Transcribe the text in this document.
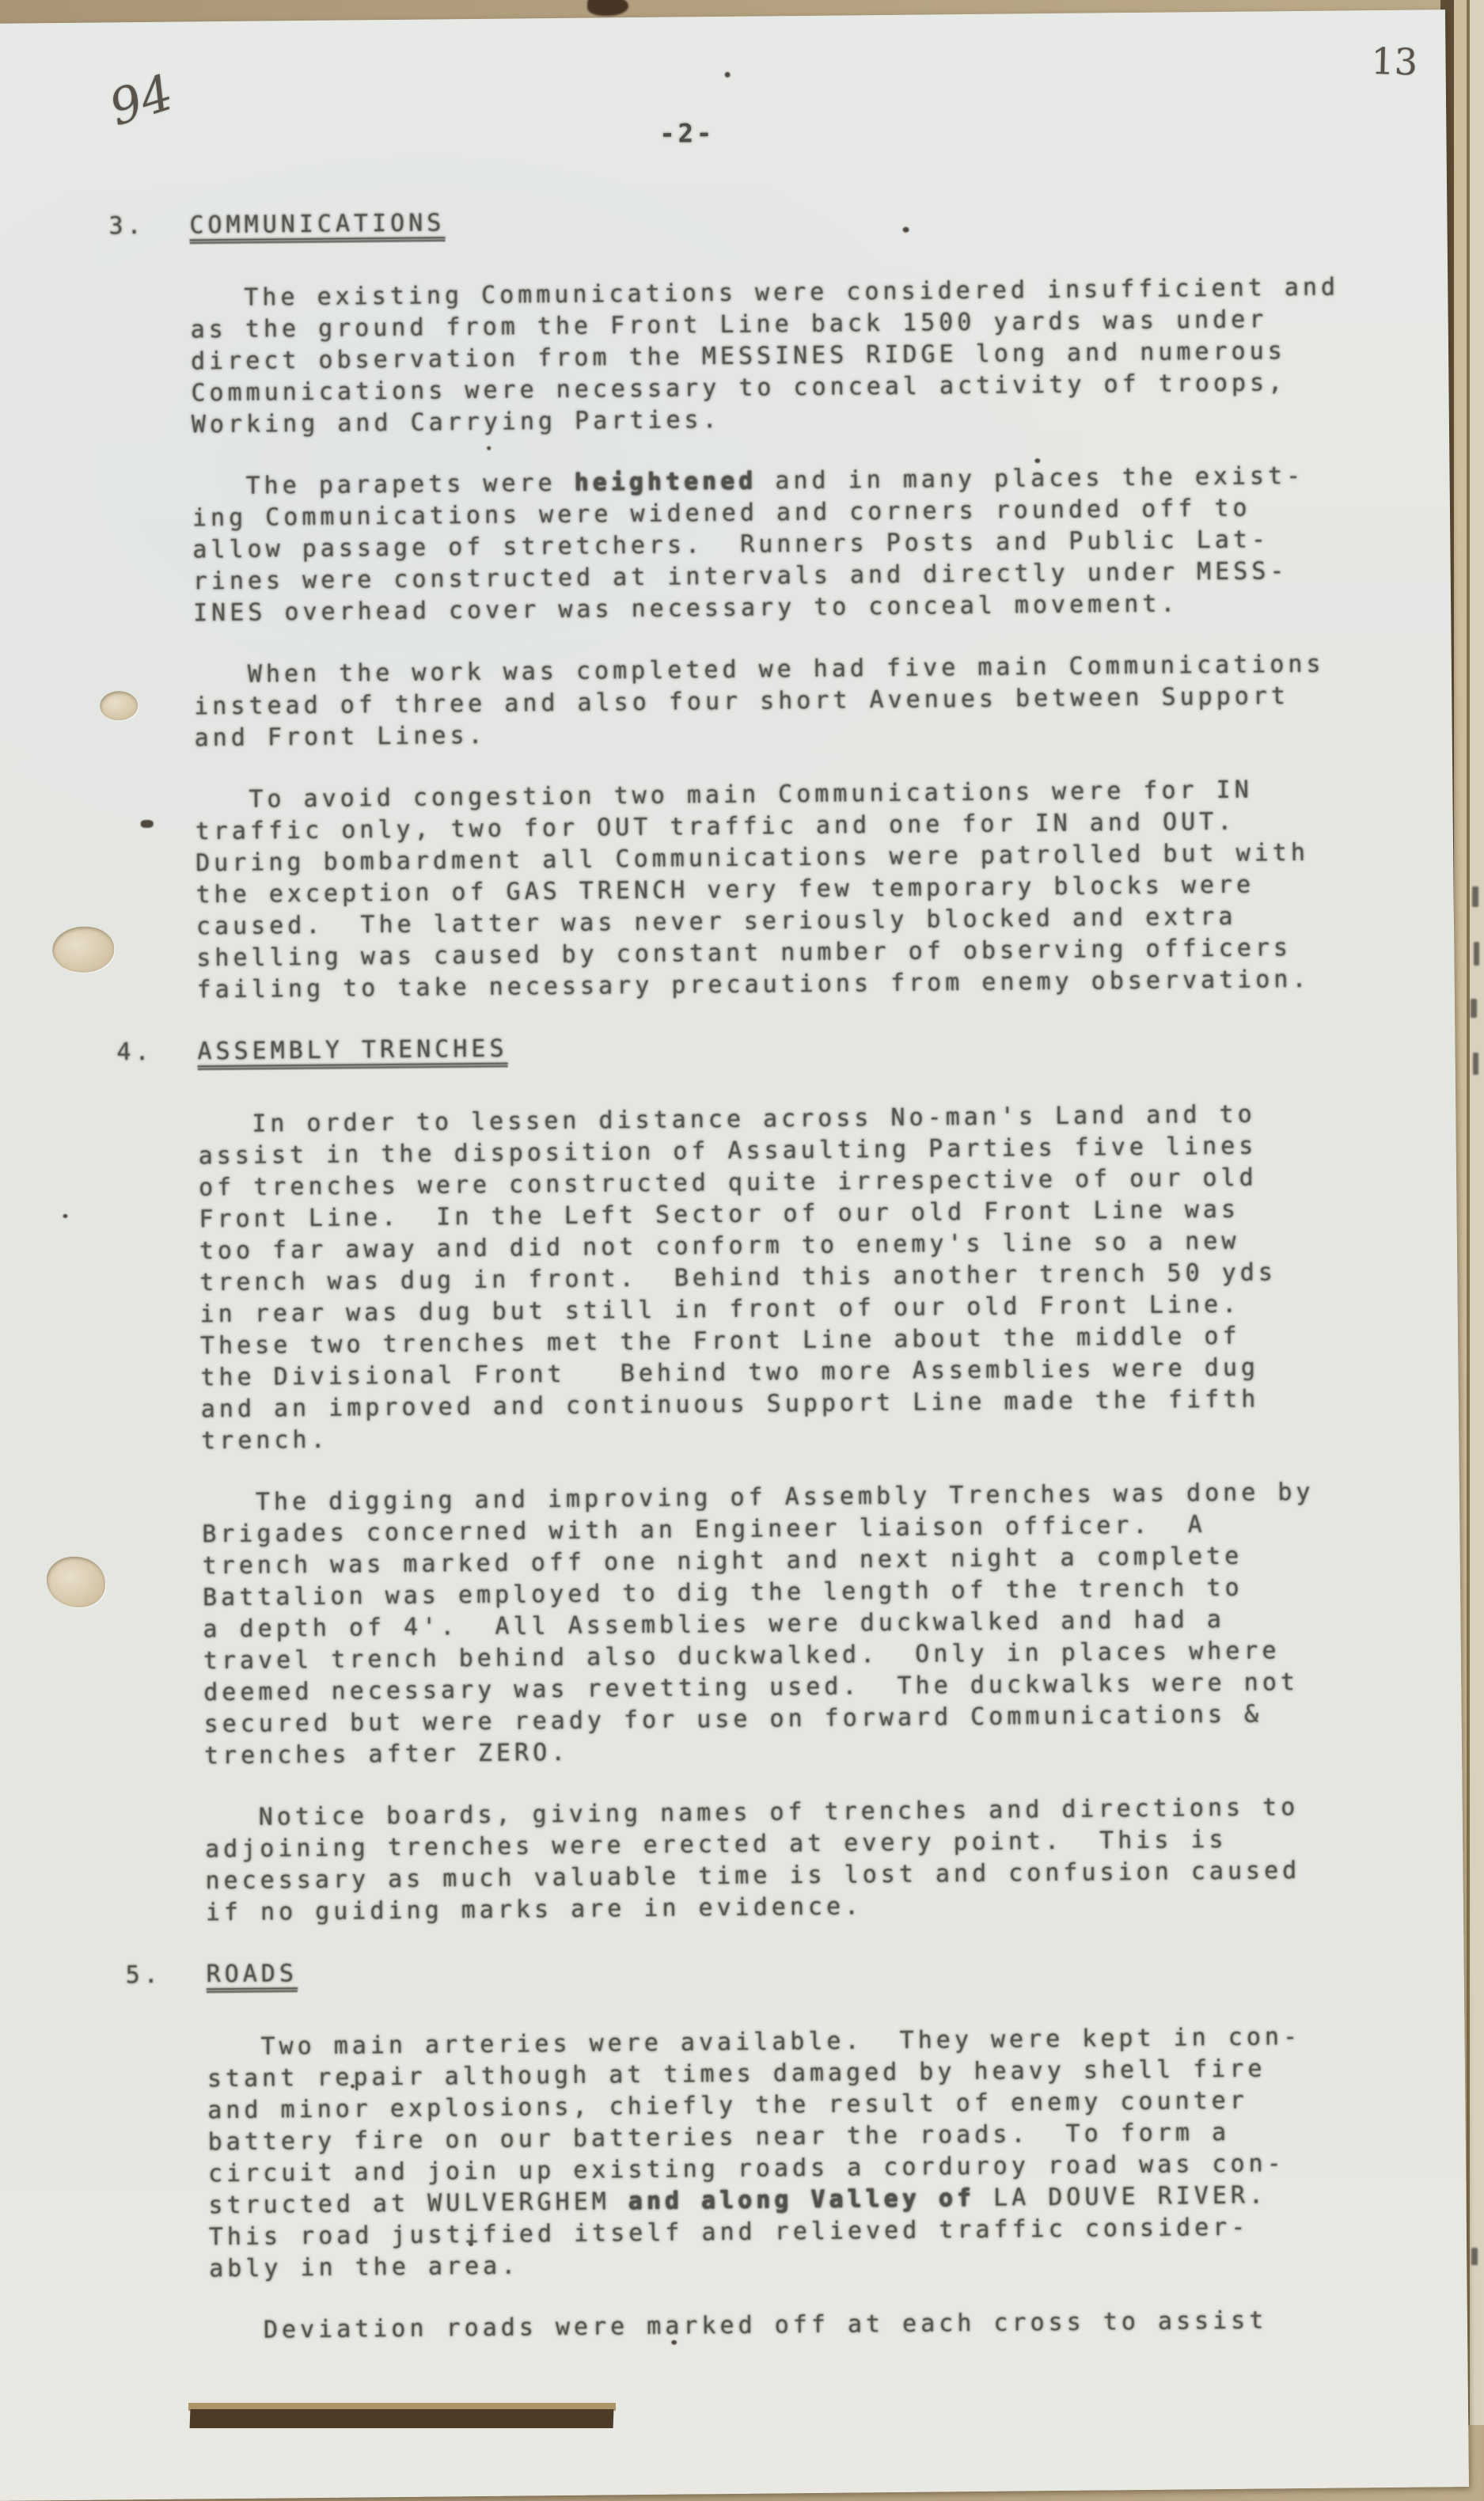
94
13
-2-
3. COMMUNICATIONS
The existing Communications were considered insufficient and
as the ground from the Front Line back 1500 yards was under
direct observation from the MESSINES RIDGE long and numerous
Communications were necessary to conceal activity of troops,
Working and Carrying Parties.
The parapets were heightened and in many places the exist-
ing Communications were widened and corners rounded off to
allow passage of stretchers.  Runners Posts and Public Lat-
rines were constructed at intervals and directly under MESS-
INES overhead cover was necessary to conceal movement.
When the work was completed we had five main Communications
instead of three and also four short Avenues between Support
and Front Lines.
To avoid congestion two main Communications were for IN
traffic only, two for OUT traffic and one for IN and OUT.
During bombardment all Communications were patrolled but with
the exception of GAS TRENCH very few temporary blocks were
caused.  The latter was never seriously blocked and extra
shelling was caused by constant number of observing officers
failing to take necessary precautions from enemy observation.
4. ASSEMBLY TRENCHES
In order to lessen distance across No-man's Land and to
assist in the disposition of Assaulting Parties five lines
of trenches were constructed quite irrespective of our old
Front Line.  In the Left Sector of our old Front Line was
too far away and did not conform to enemy's line so a new
trench was dug in front.  Behind this another trench 50 yds
in rear was dug but still in front of our old Front Line.
These two trenches met the Front Line about the middle of
the Divisional Front   Behind two more Assemblies were dug
and an improved and continuous Support Line made the fifth
trench.
The digging and improving of Assembly Trenches was done by
Brigades concerned with an Engineer liaison officer.  A
trench was marked off one night and next night a complete
Battalion was employed to dig the length of the trench to
a depth of 4'.  All Assemblies were duckwalked and had a
travel trench behind also duckwalked.  Only in places where
deemed necessary was revetting used.  The duckwalks were not
secured but were ready for use on forward Communications &
trenches after ZERO.
Notice boards, giving names of trenches and directions to
adjoining trenches were erected at every point.  This is
necessary as much valuable time is lost and confusion caused
if no guiding marks are in evidence.
5. ROADS
Two main arteries were available.  They were kept in con-
stant repair although at times damaged by heavy shell fire
and minor explosions, chiefly the result of enemy counter
battery fire on our batteries near the roads.  To form a
circuit and join up existing roads a corduroy road was con-
structed at WULVERGHEM and along Valley of LA DOUVE RIVER.
This road justified itself and relieved traffic consider-
ably in the area.
Deviation roads were marked off at each cross to assist
